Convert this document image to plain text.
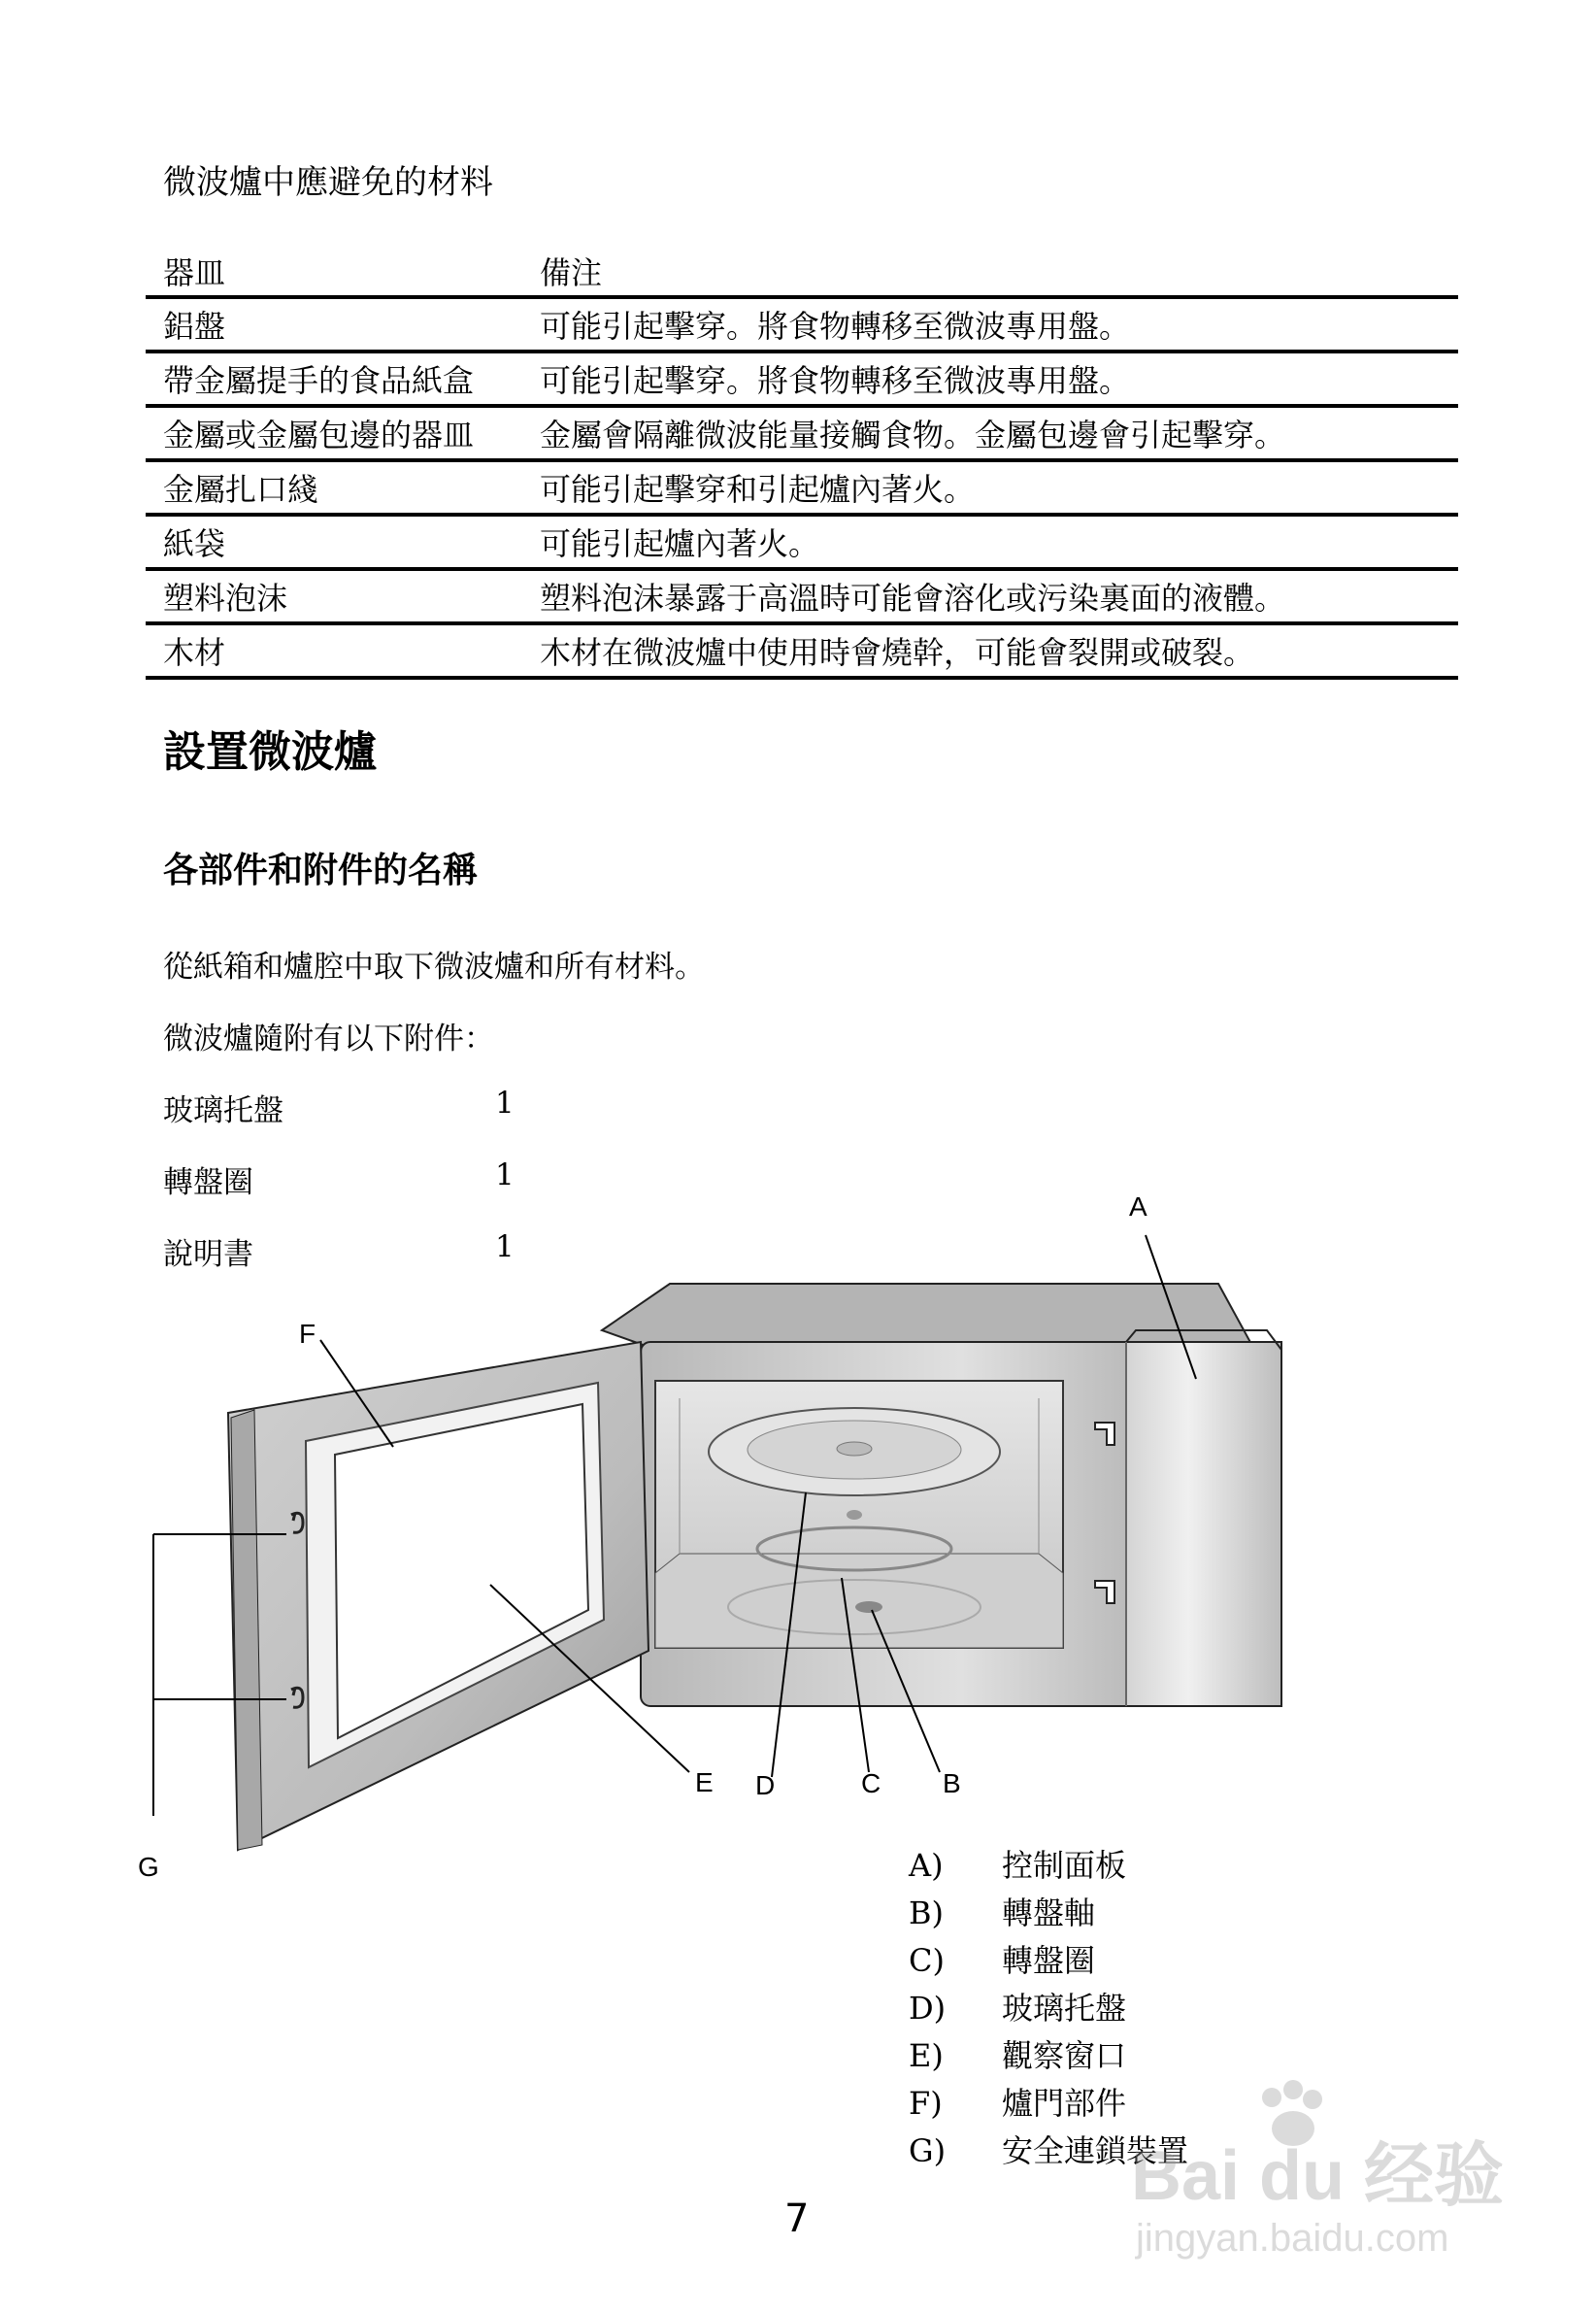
微波爐中應避免的材料
器皿	備注
鋁盤	可能引起擊穿。將食物轉移至微波專用盤。
帶金屬提手的食品紙盒	可能引起擊穿。將食物轉移至微波專用盤。
金屬或金屬包邊的器皿	金屬會隔離微波能量接觸食物。金屬包邊會引起擊穿。
金屬扎口綫	可能引起擊穿和引起爐內著火。
紙袋	可能引起爐內著火。
塑料泡沫	塑料泡沫暴露于高溫時可能會溶化或污染裏面的液體。
木材	木材在微波爐中使用時會燒幹，可能會裂開或破裂。
設置微波爐
各部件和附件的名稱
從紙箱和爐腔中取下微波爐和所有材料。
微波爐隨附有以下附件：
玻璃托盤	1
轉盤圈	1
說明書	1
A
F
E D	C B
G	A) 控制面板
B) 轉盤軸
C) 轉盤圈
D) 玻璃托盤
E) 觀察窗口
F) 爐門部件
G) 安全連鎖裝置
7
Bai du 经验
jingyan.baidu.com
